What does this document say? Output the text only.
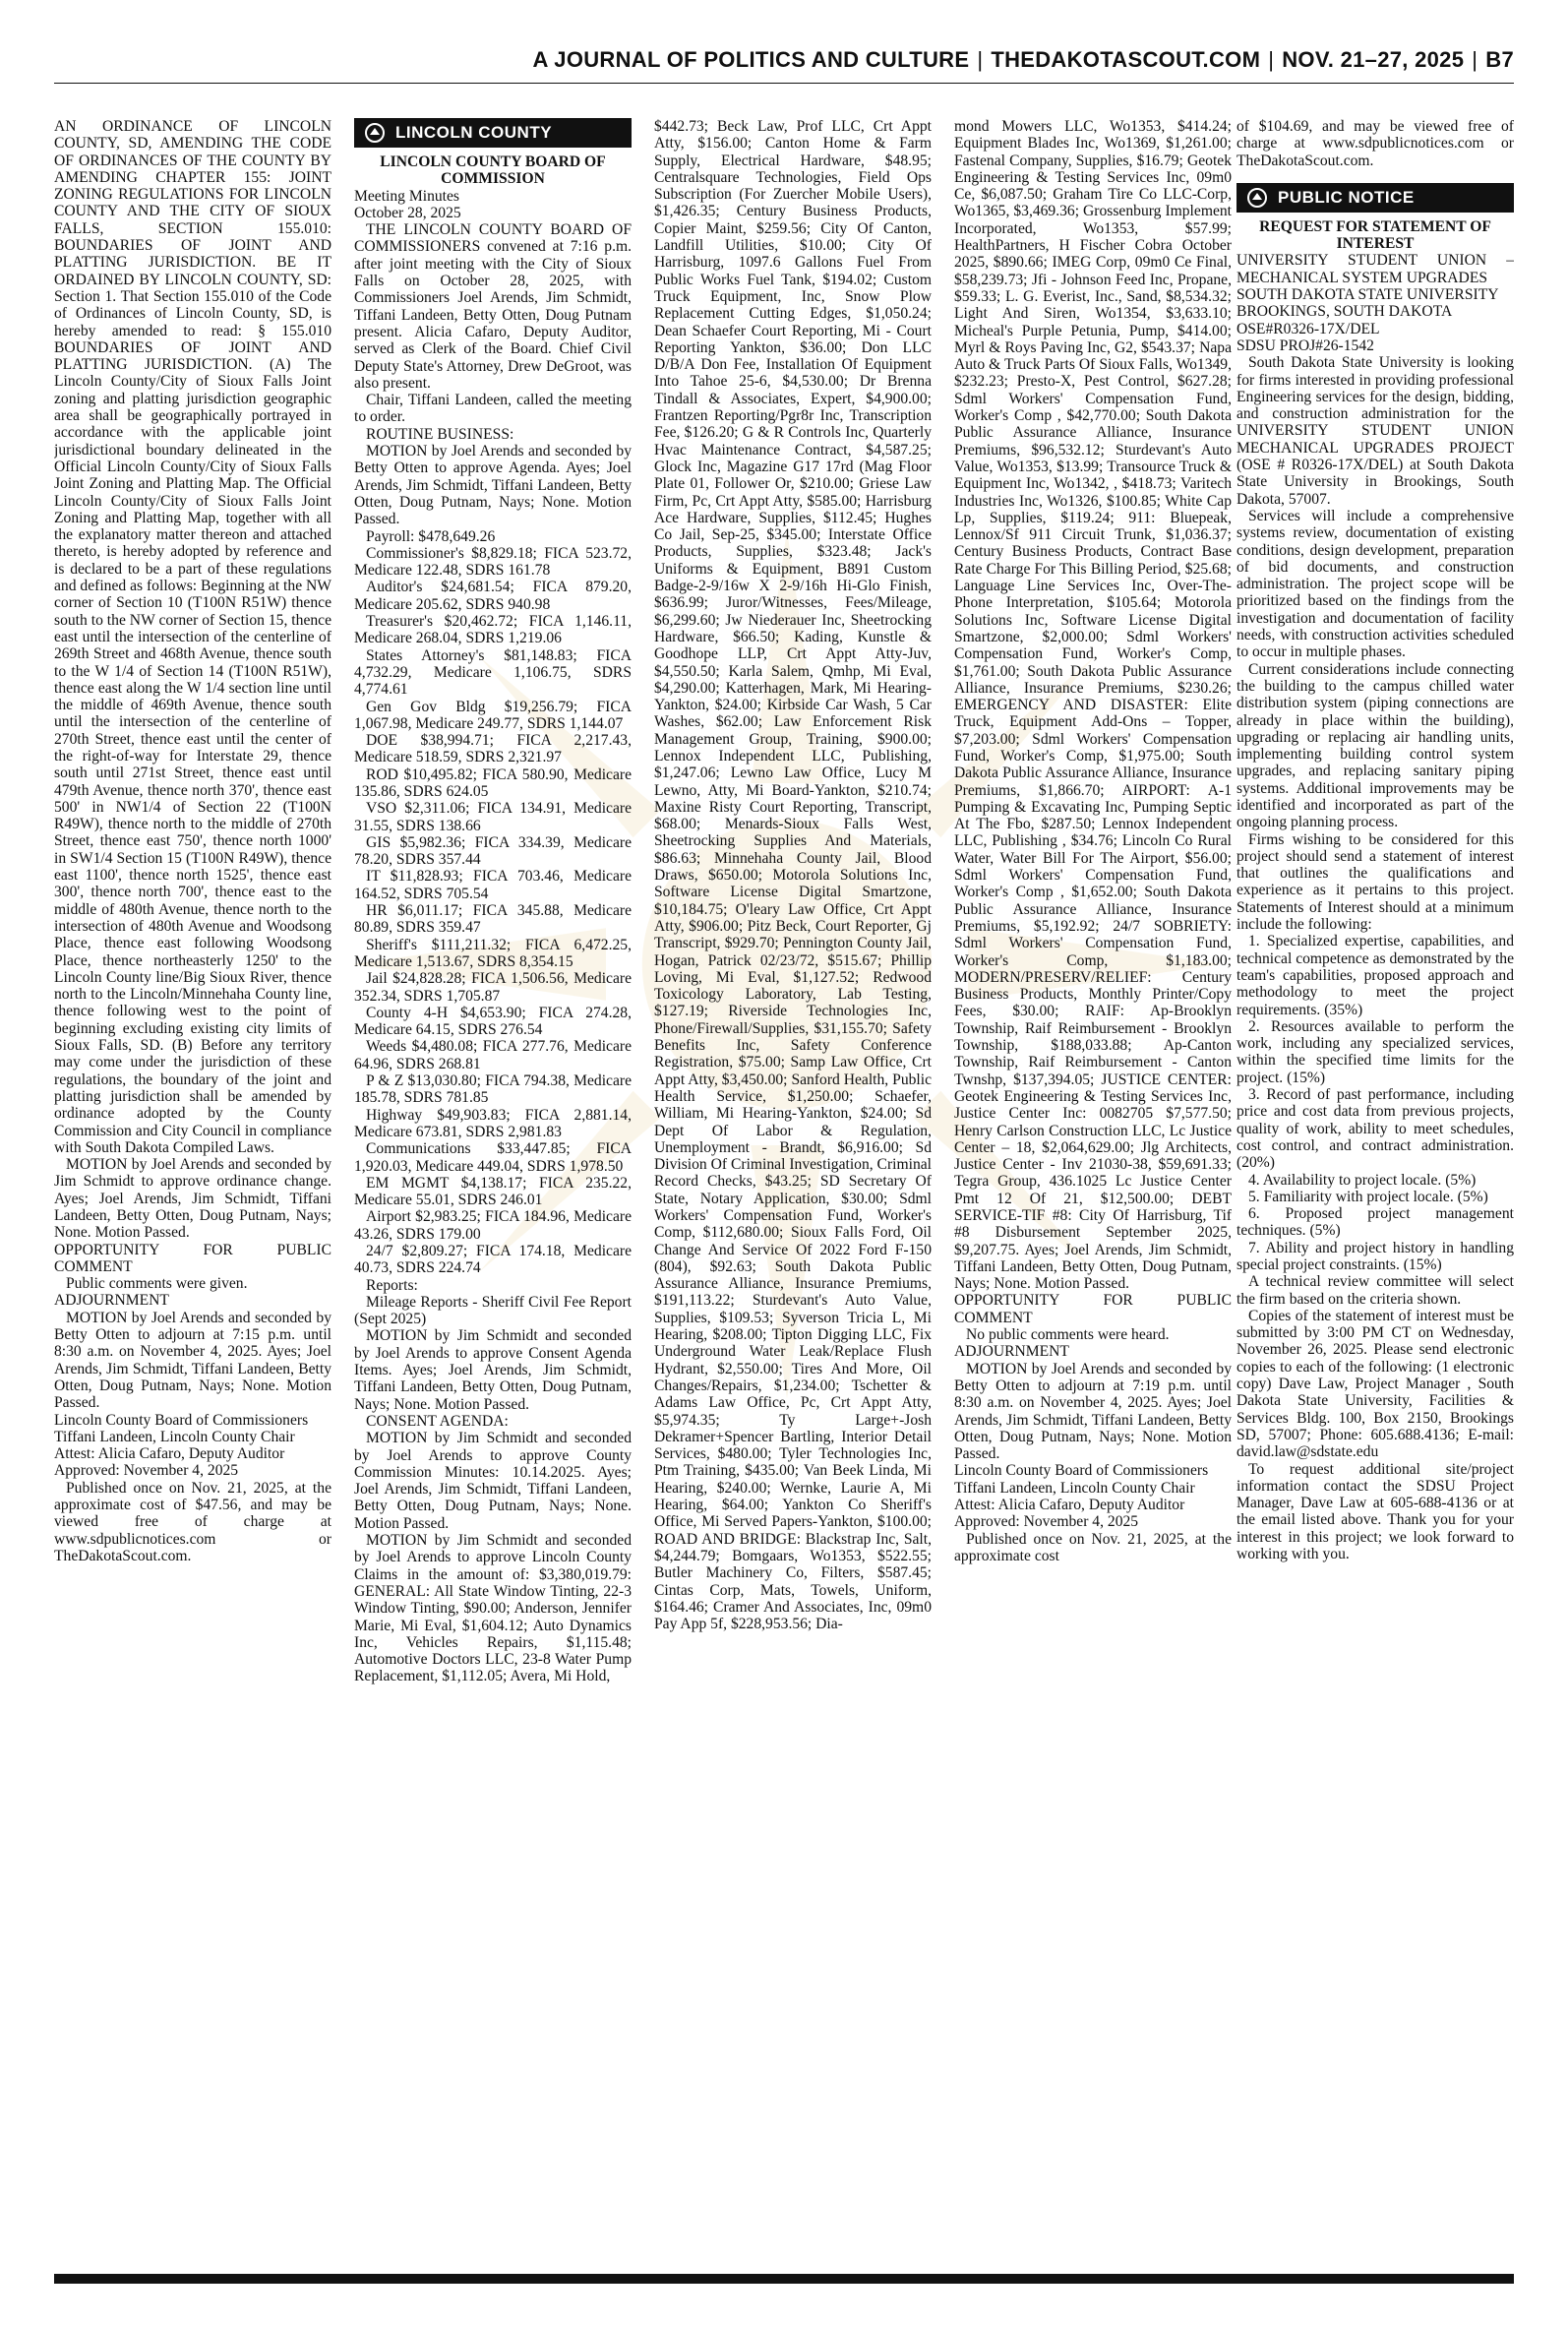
A JOURNAL OF POLITICS AND CULTURE | THEDAKOTASCOUT.COM | NOV. 21–27, 2025 | B7

AN ORDINANCE OF LINCOLN COUNTY, SD, AMENDING THE CODE OF ORDINANCES OF THE COUNTY BY AMENDING CHAPTER 155: JOINT ZONING REGULATIONS FOR LINCOLN COUNTY AND THE CITY OF SIOUX FALLS, SECTION 155.010: BOUNDARIES OF JOINT AND PLATTING JURISDICTION. BE IT ORDAINED BY LINCOLN COUNTY, SD: Section 1. That Section 155.010 of the Code of Ordinances of Lincoln County, SD, is hereby amended to read: § 155.010 BOUNDARIES OF JOINT AND PLATTING JURISDICTION. (A) The Lincoln County/City of Sioux Falls Joint zoning and platting jurisdiction geographic area shall be geographically portrayed in accordance with the applicable joint jurisdictional boundary delineated in the Official Lincoln County/City of Sioux Falls Joint Zoning and Platting Map. The Official Lincoln County/City of Sioux Falls Joint Zoning and Platting Map, together with all the explanatory matter thereon and attached thereto, is hereby adopted by reference and is declared to be a part of these regulations and defined as follows: Beginning at the NW corner of Section 10 (T100N R51W) thence south to the NW corner of Section 15, thence east until the intersection of the centerline of 269th Street and 468th Avenue, thence south to the W 1/4 of Section 14 (T100N R51W), thence east along the W 1/4 section line until the middle of 469th Avenue, thence south until the intersection of the centerline of 270th Street, thence east until the center of the right-of-way for Interstate 29, thence south until 271st Street, thence east until 479th Avenue, thence north 370', thence east 500' in NW1/4 of Section 22 (T100N R49W), thence north to the middle of 270th Street, thence east 750', thence north 1000' in SW1/4 Section 15 (T100N R49W), thence east 1100', thence north 1525', thence east 300', thence north 700', thence east to the middle of 480th Avenue, thence north to the intersection of 480th Avenue and Woodsong Place, thence east following Woodsong Place, thence northeasterly 1250' to the Lincoln County line/Big Sioux River, thence north to the Lincoln/Minnehaha County line, thence following west to the point of beginning excluding existing city limits of Sioux Falls, SD. (B) Before any territory may come under the jurisdiction of these regulations, the boundary of the joint and platting jurisdiction shall be amended by ordinance adopted by the County Commission and City Council in compliance with South Dakota Compiled Laws.

MOTION by Joel Arends and seconded by Jim Schmidt to approve ordinance change. Ayes; Joel Arends, Jim Schmidt, Tiffani Landeen, Betty Otten, Doug Putnam, Nays; None. Motion Passed.

OPPORTUNITY FOR PUBLIC COMMENT

Public comments were given.

ADJOURNMENT

MOTION by Joel Arends and seconded by Betty Otten to adjourn at 7:15 p.m. until 8:30 a.m. on November 4, 2025. Ayes; Joel Arends, Jim Schmidt, Tiffani Landeen, Betty Otten, Doug Putnam, Nays; None. Motion Passed.

Lincoln County Board of Commissioners

Tiffani Landeen, Lincoln County Chair

Attest: Alicia Cafaro, Deputy Auditor

Approved: November 4, 2025

Published once on Nov. 21, 2025, at the approximate cost of $47.56, and may be viewed free of charge at www.sdpublicnotices.com or TheDakotaScout.com.

LINCOLN COUNTY

LINCOLN COUNTY BOARD OF COMMISSION

Meeting Minutes

October 28, 2025

THE LINCOLN COUNTY BOARD OF COMMISSIONERS convened at 7:16 p.m. after joint meeting with the City of Sioux Falls on October 28, 2025, with Commissioners Joel Arends, Jim Schmidt, Tiffani Landeen, Betty Otten, Doug Putnam present. Alicia Cafaro, Deputy Auditor, served as Clerk of the Board. Chief Civil Deputy State's Attorney, Drew DeGroot, was also present.

Chair, Tiffani Landeen, called the meeting to order.

ROUTINE BUSINESS:

MOTION by Joel Arends and seconded by Betty Otten to approve Agenda. Ayes; Joel Arends, Jim Schmidt, Tiffani Landeen, Betty Otten, Doug Putnam, Nays; None. Motion Passed.

Payroll: $478,649.26

Commissioner's $8,829.18; FICA 523.72, Medicare 122.48, SDRS 161.78

Auditor's $24,681.54; FICA 879.20, Medicare 205.62, SDRS 940.98

Treasurer's $20,462.72; FICA 1,146.11, Medicare 268.04, SDRS 1,219.06

States Attorney's $81,148.83; FICA 4,732.29, Medicare 1,106.75, SDRS 4,774.61

Gen Gov Bldg $19,256.79; FICA 1,067.98, Medicare 249.77, SDRS 1,144.07

DOE $38,994.71; FICA 2,217.43, Medicare 518.59, SDRS 2,321.97

ROD $10,495.82; FICA 580.90, Medicare 135.86, SDRS 624.05

VSO $2,311.06; FICA 134.91, Medicare 31.55, SDRS 138.66

GIS $5,982.36; FICA 334.39, Medicare 78.20, SDRS 357.44

IT $11,828.93; FICA 703.46, Medicare 164.52, SDRS 705.54

HR $6,011.17; FICA 345.88, Medicare 80.89, SDRS 359.47

Sheriff's $111,211.32; FICA 6,472.25, Medicare 1,513.67, SDRS 8,354.15

Jail $24,828.28; FICA 1,506.56, Medicare 352.34, SDRS 1,705.87

County 4-H $4,653.90; FICA 274.28, Medicare 64.15, SDRS 276.54

Weeds $4,480.08; FICA 277.76, Medicare 64.96, SDRS 268.81

P & Z $13,030.80; FICA 794.38, Medicare 185.78, SDRS 781.85

Highway $49,903.83; FICA 2,881.14, Medicare 673.81, SDRS 2,981.83

Communications $33,447.85; FICA 1,920.03, Medicare 449.04, SDRS 1,978.50

EM MGMT $4,138.17; FICA 235.22, Medicare 55.01, SDRS 246.01

Airport $2,983.25; FICA 184.96, Medicare 43.26, SDRS 179.00

24/7 $2,809.27; FICA 174.18, Medicare 40.73, SDRS 224.74

Reports:

Mileage Reports - Sheriff Civil Fee Report (Sept 2025)

MOTION by Jim Schmidt and seconded by Joel Arends to approve Consent Agenda Items. Ayes; Joel Arends, Jim Schmidt, Tiffani Landeen, Betty Otten, Doug Putnam, Nays; None. Motion Passed.

CONSENT AGENDA:

MOTION by Jim Schmidt and seconded by Joel Arends to approve County Commission Minutes: 10.14.2025. Ayes; Joel Arends, Jim Schmidt, Tiffani Landeen, Betty Otten, Doug Putnam, Nays; None. Motion Passed.

MOTION by Jim Schmidt and seconded by Joel Arends to approve Lincoln County Claims in the amount of: $3,380,019.79: GENERAL: All State Window Tinting, 22-3 Window Tinting, $90.00; Anderson, Jennifer Marie, Mi Eval, $1,604.12; Auto Dynamics Inc, Vehicles Repairs, $1,115.48; Automotive Doctors LLC, 23-8 Water Pump Replacement, $1,112.05; Avera, Mi Hold,

$442.73; Beck Law, Prof LLC, Crt Appt Atty, $156.00; Canton Home & Farm Supply, Electrical Hardware, $48.95; Centralsquare Technologies, Field Ops Subscription (For Zuercher Mobile Users), $1,426.35; Century Business Products, Copier Maint, $259.56; City Of Canton, Landfill Utilities, $10.00; City Of Harrisburg, 1097.6 Gallons Fuel From Public Works Fuel Tank, $194.02; Custom Truck Equipment, Inc, Snow Plow Replacement Cutting Edges, $1,050.24; Dean Schaefer Court Reporting, Mi - Court Reporting Yankton, $36.00; Don LLC D/B/A Don Fee, Installation Of Equipment Into Tahoe 25-6, $4,530.00; Dr Brenna Tindall & Associates, Expert, $4,900.00; Frantzen Reporting/Pgr8r Inc, Transcription Fee, $126.20; G & R Controls Inc, Quarterly Hvac Maintenance Contract, $4,587.25; Glock Inc, Magazine G17 17rd (Mag Floor Plate 01, Follower Or, $210.00; Griese Law Firm, Pc, Crt Appt Atty, $585.00; Harrisburg Ace Hardware, Supplies, $112.45; Hughes Co Jail, Sep-25, $345.00; Interstate Office Products, Supplies, $323.48; Jack's Uniforms & Equipment, B891 Custom Badge-2-9/16w X 2-9/16h Hi-Glo Finish, $636.99; Juror/Witnesses, Fees/Mileage, $6,299.60; Jw Niederauer Inc, Sheetrocking Hardware, $66.50; Kading, Kunstle & Goodhope LLP, Crt Appt Atty-Juv, $4,550.50; Karla Salem, Qmhp, Mi Eval, $4,290.00; Katterhagen, Mark, Mi Hearing-Yankton, $24.00; Kirbside Car Wash, 5 Car Washes, $62.00; Law Enforcement Risk Management Group, Training, $900.00; Lennox Independent LLC, Publishing, $1,247.06; Lewno Law Office, Lucy M Lewno, Atty, Mi Board-Yankton, $210.74; Maxine Risty Court Reporting, Transcript, $68.00; Menards-Sioux Falls West, Sheetrocking Supplies And Materials, $86.63; Minnehaha County Jail, Blood Draws, $650.00; Motorola Solutions Inc, Software License Digital Smartzone, $10,184.75; O'leary Law Office, Crt Appt Atty, $906.00; Pitz Beck, Court Reporter, Gj Transcript, $929.70; Pennington County Jail, Hogan, Patrick 02/23/72, $515.67; Phillip Loving, Mi Eval, $1,127.52; Redwood Toxicology Laboratory, Lab Testing, $127.19; Riverside Technologies Inc, Phone/Firewall/Supplies, $31,155.70; Safety Benefits Inc, Safety Conference Registration, $75.00; Samp Law Office, Crt Appt Atty, $3,450.00; Sanford Health, Public Health Service, $1,250.00; Schaefer, William, Mi Hearing-Yankton, $24.00; Sd Dept Of Labor & Regulation, Unemployment - Brandt, $6,916.00; Sd Division Of Criminal Investigation, Criminal Record Checks, $43.25; SD Secretary Of State, Notary Application, $30.00; Sdml Workers' Compensation Fund, Worker's Comp, $112,680.00; Sioux Falls Ford, Oil Change And Service Of 2022 Ford F-150 (804), $92.63; South Dakota Public Assurance Alliance, Insurance Premiums, $191,113.22; Sturdevant's Auto Value, Supplies, $109.53; Syverson Tricia L, Mi Hearing, $208.00; Tipton Digging LLC, Fix Underground Water Leak/Replace Flush Hydrant, $2,550.00; Tires And More, Oil Changes/Repairs, $1,234.00; Tschetter & Adams Law Office, Pc, Crt Appt Atty, $5,974.35; Ty Large+-Josh Dekramer+Spencer Bartling, Interior Detail Services, $480.00; Tyler Technologies Inc, Ptm Training, $435.00; Van Beek Linda, Mi Hearing, $240.00; Wernke, Laurie A, Mi Hearing, $64.00; Yankton Co Sheriff's Office, Mi Served Papers-Yankton, $100.00; ROAD AND BRIDGE: Blackstrap Inc, Salt, $4,244.79; Bomgaars, Wo1353, $522.55; Butler Machinery Co, Filters, $587.45; Cintas Corp, Mats, Towels, Uniform, $164.46; Cramer And Associates, Inc, 09m0 Pay App 5f, $228,953.56; Dia-

mond Mowers LLC, Wo1353, $414.24; Equipment Blades Inc, Wo1369, $1,261.00; Fastenal Company, Supplies, $16.79; Geotek Engineering & Testing Services Inc, 09m0 Ce, $6,087.50; Graham Tire Co LLC-Corp, Wo1365, $3,469.36; Grossenburg Implement Incorporated, Wo1353, $57.99; HealthPartners, H Fischer Cobra October 2025, $890.66; IMEG Corp, 09m0 Ce Final, $58,239.73; Jfi - Johnson Feed Inc, Propane, $59.33; L. G. Everist, Inc., Sand, $8,534.32; Light And Siren, Wo1354, $3,633.10; Micheal's Purple Petunia, Pump, $414.00; Myrl & Roys Paving Inc, G2, $543.37; Napa Auto & Truck Parts Of Sioux Falls, Wo1349, $232.23; Presto-X, Pest Control, $627.28; Sdml Workers' Compensation Fund, Worker's Comp , $42,770.00; South Dakota Public Assurance Alliance, Insurance Premiums, $96,532.12; Sturdevant's Auto Value, Wo1353, $13.99; Transource Truck & Equipment Inc, Wo1342, , $418.73; Varitech Industries Inc, Wo1326, $100.85; White Cap Lp, Supplies, $119.24; 911: Bluepeak, Lennox/Sf 911 Circuit Trunk, $1,036.37; Century Business Products, Contract Base Rate Charge For This Billing Period, $25.68; Language Line Services Inc, Over-The-Phone Interpretation, $105.64; Motorola Solutions Inc, Software License Digital Smartzone, $2,000.00; Sdml Workers' Compensation Fund, Worker's Comp, $1,761.00; South Dakota Public Assurance Alliance, Insurance Premiums, $230.26; EMERGENCY AND DISASTER: Elite Truck, Equipment Add-Ons – Topper, $7,203.00; Sdml Workers' Compensation Fund, Worker's Comp, $1,975.00; South Dakota Public Assurance Alliance, Insurance Premiums, $1,866.70; AIRPORT: A-1 Pumping & Excavating Inc, Pumping Septic At The Fbo, $287.50; Lennox Independent LLC, Publishing , $34.76; Lincoln Co Rural Water, Water Bill For The Airport, $56.00; Sdml Workers' Compensation Fund, Worker's Comp , $1,652.00; South Dakota Public Assurance Alliance, Insurance Premiums, $5,192.92; 24/7 SOBRIETY: Sdml Workers' Compensation Fund, Worker's Comp, $1,183.00; MODERN/PRESERV/RELIEF: Century Business Products, Monthly Printer/Copy Fees, $30.00; RAIF: Ap-Brooklyn Township, Raif Reimbursement - Brooklyn Township, $188,033.88; Ap-Canton Township, Raif Reimbursement - Canton Twnshp, $137,394.05; JUSTICE CENTER: Geotek Engineering & Testing Services Inc, Justice Center Inc: 0082705 $7,577.50; Henry Carlson Construction LLC, Lc Justice Center – 18, $2,064,629.00; Jlg Architects, Justice Center - Inv 21030-38, $59,691.33; Tegra Group, 436.1025 Lc Justice Center Pmt 12 Of 21, $12,500.00; DEBT SERVICE-TIF #8: City Of Harrisburg, Tif #8 Disbursement September 2025, $9,207.75. Ayes; Joel Arends, Jim Schmidt, Tiffani Landeen, Betty Otten, Doug Putnam, Nays; None. Motion Passed.

OPPORTUNITY FOR PUBLIC COMMENT

No public comments were heard.

ADJOURNMENT

MOTION by Joel Arends and seconded by Betty Otten to adjourn at 7:19 p.m. until 8:30 a.m. on November 4, 2025. Ayes; Joel Arends, Jim Schmidt, Tiffani Landeen, Betty Otten, Doug Putnam, Nays; None. Motion Passed.

Lincoln County Board of Commissioners

Tiffani Landeen, Lincoln County Chair

Attest: Alicia Cafaro, Deputy Auditor

Approved: November 4, 2025

Published once on Nov. 21, 2025, at the approximate cost

of $104.69, and may be viewed free of charge at www.sdpublicnotices.com or TheDakotaScout.com.

PUBLIC NOTICE

REQUEST FOR STATEMENT OF INTEREST

UNIVERSITY STUDENT UNION – MECHANICAL SYSTEM UPGRADES

SOUTH DAKOTA STATE UNIVERSITY

BROOKINGS, SOUTH DAKOTA

OSE#R0326-17X/DEL

SDSU PROJ#26-1542

South Dakota State University is looking for firms interested in providing professional Engineering services for the design, bidding, and construction administration for the UNIVERSITY STUDENT UNION MECHANICAL UPGRADES PROJECT (OSE # R0326-17X/DEL) at South Dakota State University in Brookings, South Dakota, 57007.

Services will include a comprehensive systems review, documentation of existing conditions, design development, preparation of bid documents, and construction administration. The project scope will be prioritized based on the findings from the investigation and documentation of facility needs, with construction activities scheduled to occur in multiple phases.

Current considerations include connecting the building to the campus chilled water distribution system (piping connections are already in place within the building), upgrading or replacing air handling units, implementing building control system upgrades, and replacing sanitary piping systems. Additional improvements may be identified and incorporated as part of the ongoing planning process.

Firms wishing to be considered for this project should send a statement of interest that outlines the qualifications and experience as it pertains to this project. Statements of Interest should at a minimum include the following:

1. Specialized expertise, capabilities, and technical competence as demonstrated by the team's capabilities, proposed approach and methodology to meet the project requirements. (35%)

2. Resources available to perform the work, including any specialized services, within the specified time limits for the project. (15%)

3. Record of past performance, including price and cost data from previous projects, quality of work, ability to meet schedules, cost control, and contract administration. (20%)

4. Availability to project locale. (5%)

5. Familiarity with project locale. (5%)

6. Proposed project management techniques. (5%)

7. Ability and project history in handling special project constraints. (15%)

A technical review committee will select the firm based on the criteria shown.

Copies of the statement of interest must be submitted by 3:00 PM CT on Wednesday, November 26, 2025. Please send electronic copies to each of the following: (1 electronic copy) Dave Law, Project Manager , South Dakota State University, Facilities & Services Bldg. 100, Box 2150, Brookings SD, 57007; Phone: 605.688.4136; E-mail: david.law@sdstate.edu

To request additional site/project information contact the SDSU Project Manager, Dave Law at 605-688-4136 or at the email listed above. Thank you for your interest in this project; we look forward to working with you.
